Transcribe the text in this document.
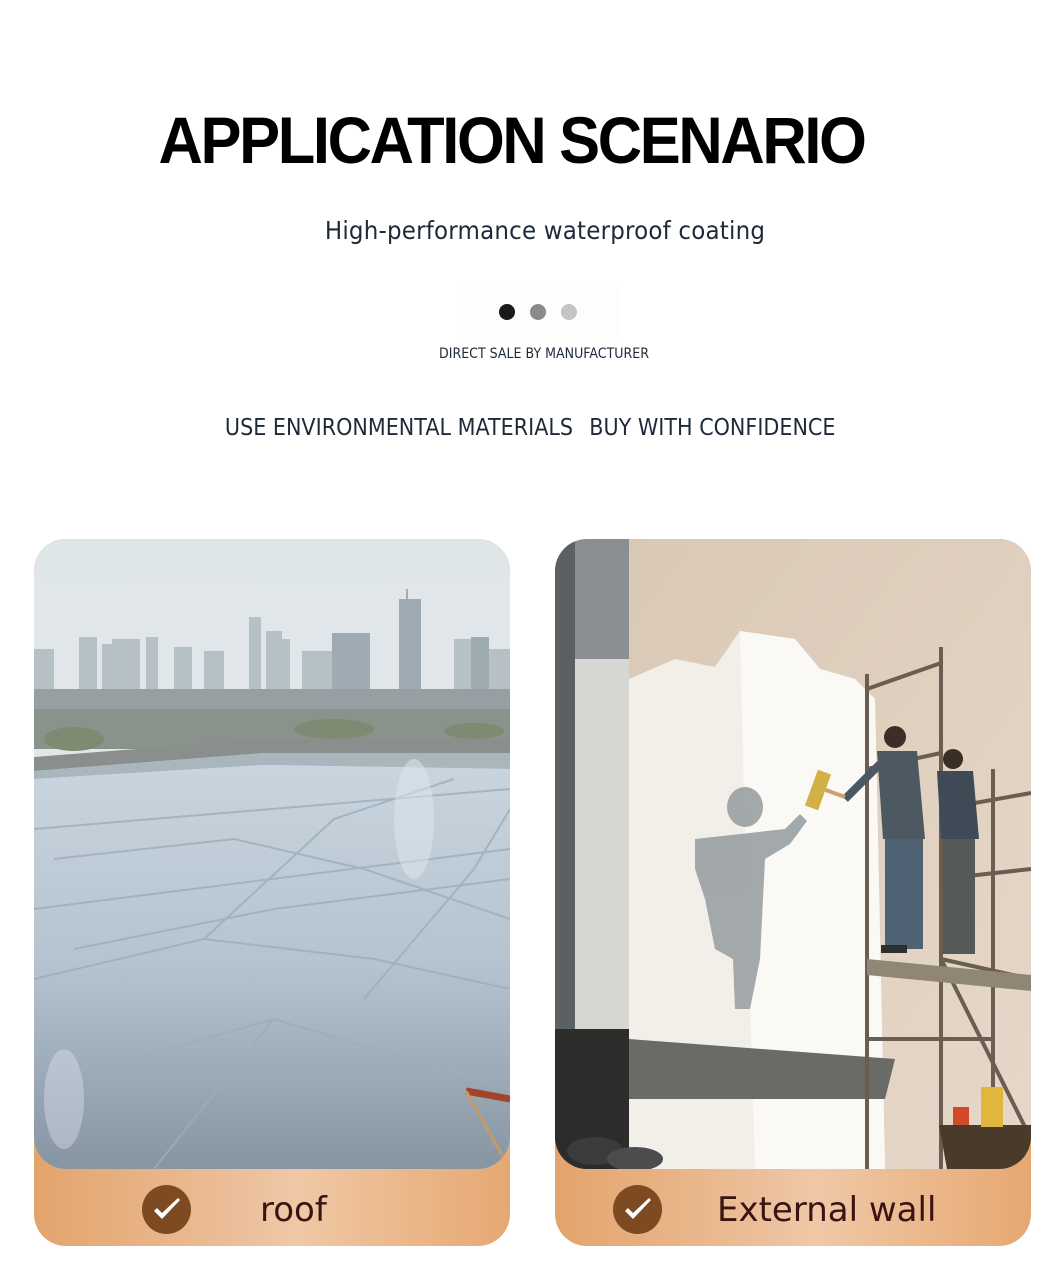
APPLICATION SCENARIO
High-performance waterproof coating
DIRECT SALE BY MANUFACTURER
USE ENVIRONMENTAL MATERIALS BUY WITH CONFIDENCE
roof	External wall
